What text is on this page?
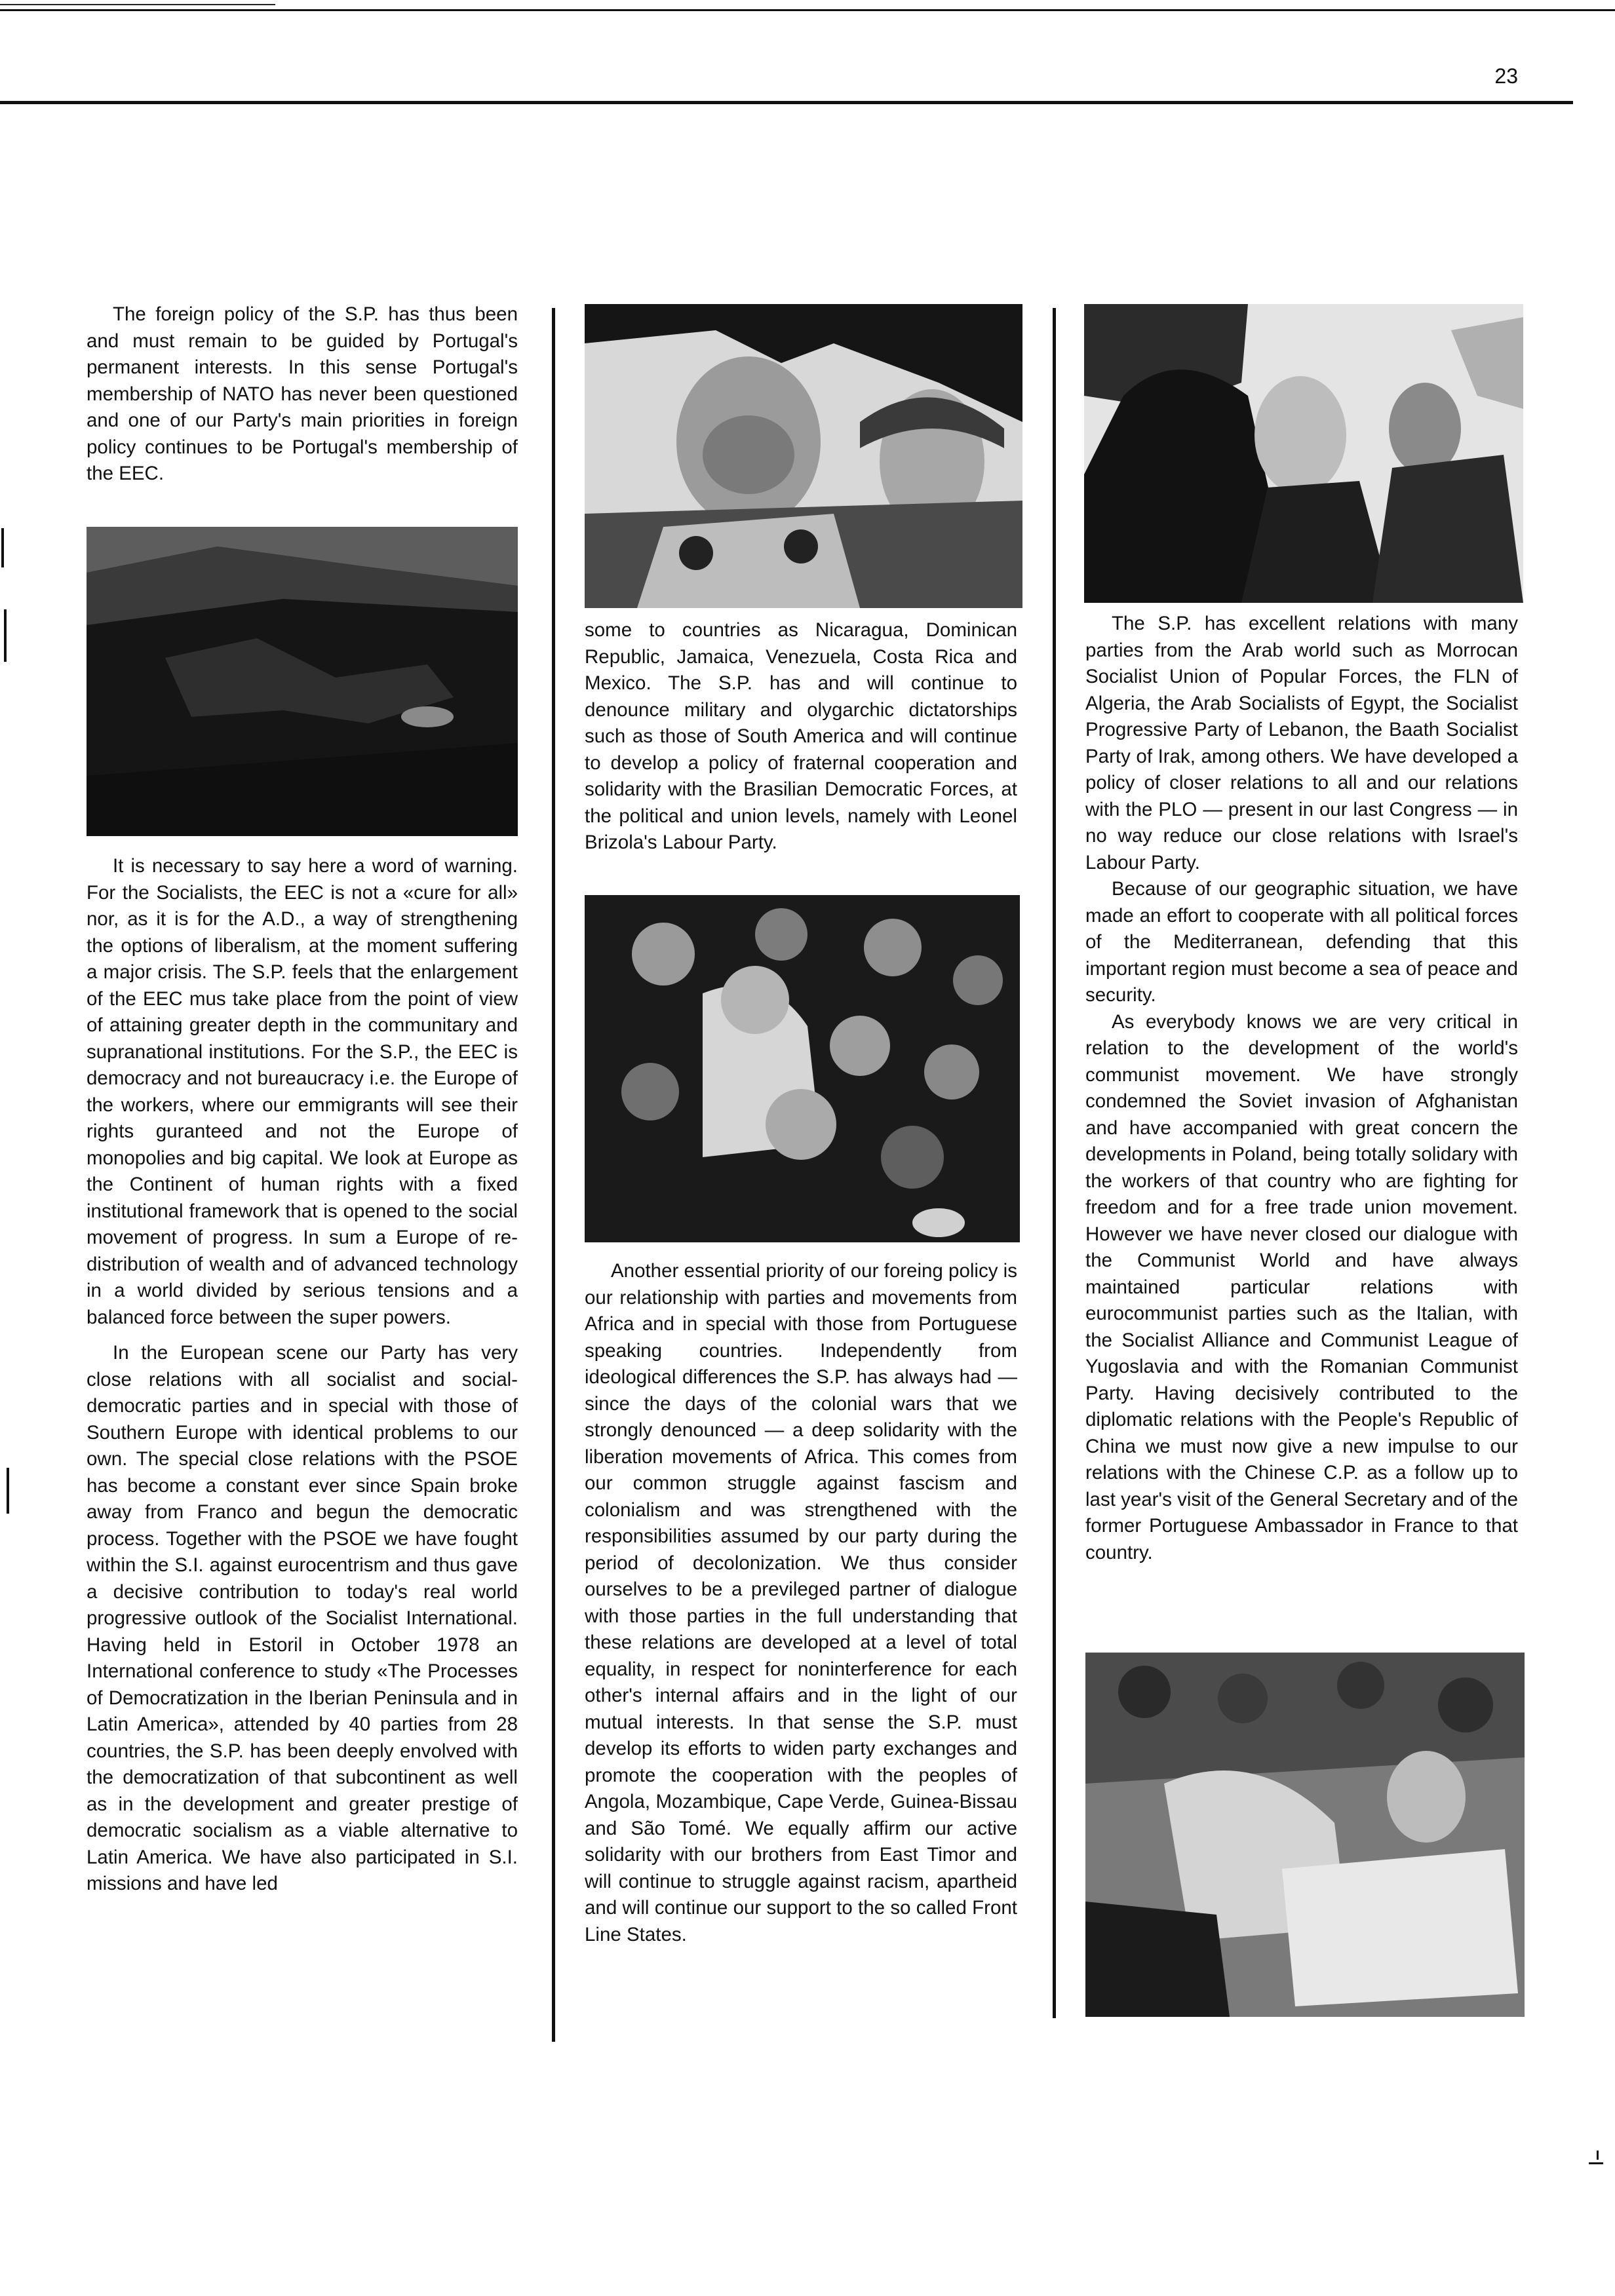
23

The foreign policy of the S.P. has thus been and must remain to be guided by Portugal's permanent interests. In this sense Portugal's membership of NATO has never been questioned and one of our Party's main priorities in foreign policy continues to be Portugal's membership of the EEC.

It is necessary to say here a word of warning. For the Socialists, the EEC is not a «cure for all» nor, as it is for the A.D., a way of strengthening the options of liberalism, at the moment suffering a major crisis. The S.P. feels that the enlargement of the EEC mus take place from the point of view of attaining greater depth in the communitary and supranational institutions. For the S.P., the EEC is democracy and not bureaucracy i.e. the Europe of the workers, where our emmigrants will see their rights guranteed and not the Europe of monopolies and big capital. We look at Europe as the Continent of human rights with a fixed institutional framework that is opened to the social movement of progress. In sum a Europe of re-distribution of wealth and of advanced technology in a world divided by serious tensions and a balanced force between the super powers.

In the European scene our Party has very close relations with all socialist and social-democratic parties and in special with those of Southern Europe with identical problems to our own. The special close relations with the PSOE has become a constant ever since Spain broke away from Franco and begun the democratic process. Together with the PSOE we have fought within the S.I. against eurocentrism and thus gave a decisive contribution to today's real world progressive outlook of the Socialist International. Having held in Estoril in October 1978 an International conference to study «The Processes of Democratization in the Iberian Peninsula and in Latin America», attended by 40 parties from 28 countries, the S.P. has been deeply envolved with the democratization of that subcontinent as well as in the development and greater prestige of democratic socialism as a viable alternative to Latin America. We have also participated in S.I. missions and have led

some to countries as Nicaragua, Dominican Republic, Jamaica, Venezuela, Costa Rica and Mexico. The S.P. has and will continue to denounce military and olygarchic dictatorships such as those of South America and will continue to develop a policy of fraternal cooperation and solidarity with the Brasilian Democratic Forces, at the political and union levels, namely with Leonel Brizola's Labour Party.

Another essential priority of our foreing policy is our relationship with parties and movements from Africa and in special with those from Portuguese speaking countries. Independently from ideological differences the S.P. has always had — since the days of the colonial wars that we strongly denounced — a deep solidarity with the liberation movements of Africa. This comes from our common struggle against fascism and colonialism and was strengthened with the responsibilities assumed by our party during the period of decolonization. We thus consider ourselves to be a previleged partner of dialogue with those parties in the full understanding that these relations are developed at a level of total equality, in respect for noninterference for each other's internal affairs and in the light of our mutual interests. In that sense the S.P. must develop its efforts to widen party exchanges and promote the cooperation with the peoples of Angola, Mozambique, Cape Verde, Guinea-Bissau and São Tomé. We equally affirm our active solidarity with our brothers from East Timor and will continue to struggle against racism, apartheid and will continue our support to the so called Front Line States.

The S.P. has excellent relations with many parties from the Arab world such as Morrocan Socialist Union of Popular Forces, the FLN of Algeria, the Arab Socialists of Egypt, the Socialist Progressive Party of Lebanon, the Baath Socialist Party of Irak, among others. We have developed a policy of closer relations to all and our relations with the PLO — present in our last Congress — in no way reduce our close relations with Israel's Labour Party.

Because of our geographic situation, we have made an effort to cooperate with all political forces of the Mediterranean, defending that this important region must become a sea of peace and security.

As everybody knows we are very critical in relation to the development of the world's communist movement. We have strongly condemned the Soviet invasion of Afghanistan and have accompanied with great concern the developments in Poland, being totally solidary with the workers of that country who are fighting for freedom and for a free trade union movement. However we have never closed our dialogue with the Communist World and have always maintained particular relations with eurocommunist parties such as the Italian, with the Socialist Alliance and Communist League of Yugoslavia and with the Romanian Communist Party. Having decisively contributed to the diplomatic relations with the People's Republic of China we must now give a new impulse to our relations with the Chinese C.P. as a follow up to last year's visit of the General Secretary and of the former Portuguese Ambassador in France to that country.
